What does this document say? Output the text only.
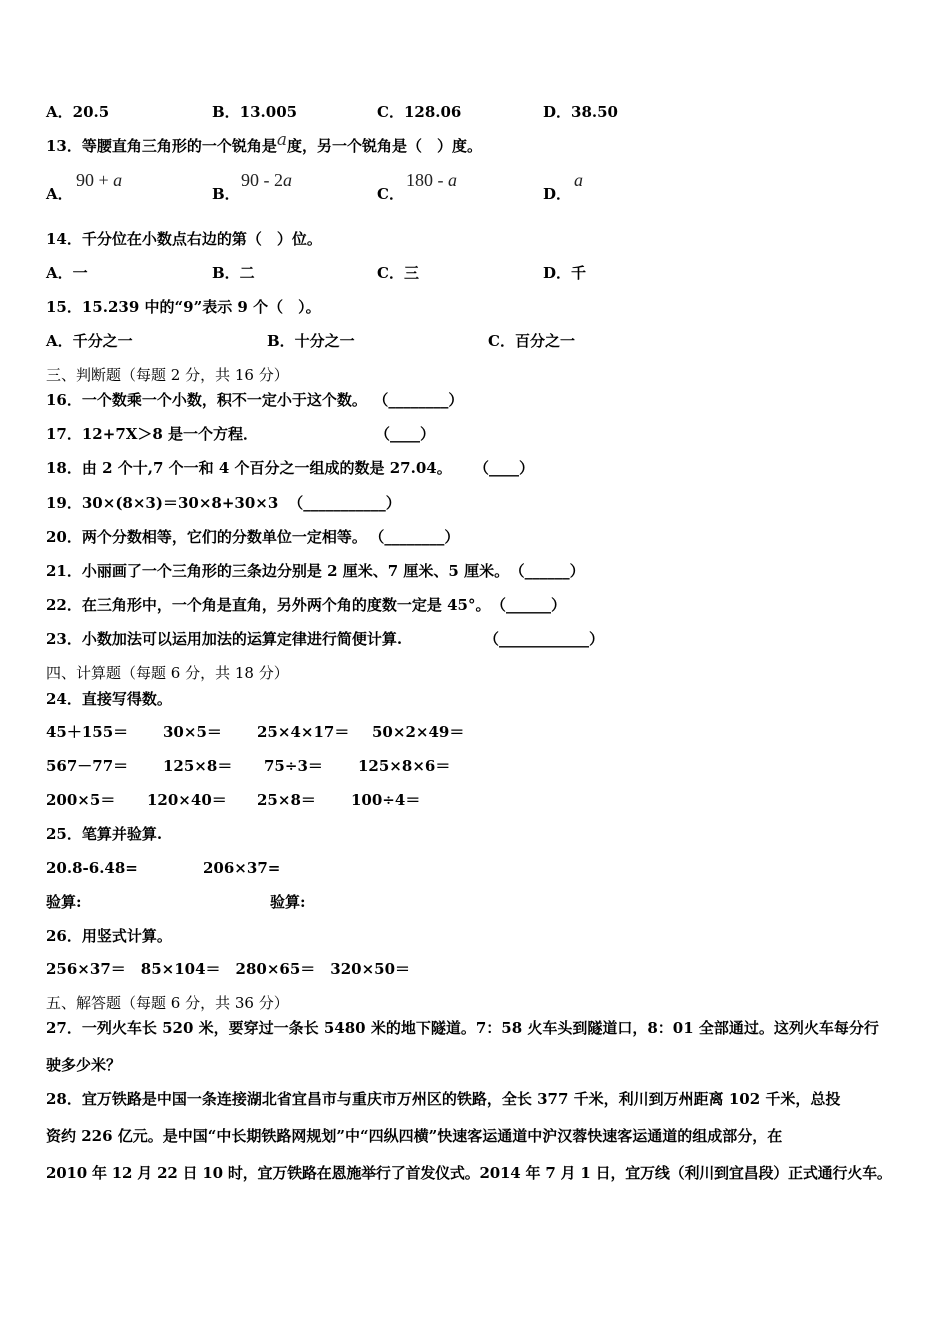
A．20.5	B．13.005	C．128.06	D．38.50
13．等腰直角三角形的一个锐角是a度，另一个锐角是（　）度。
A．
90 + a
B．
90 - 2a
C．
180 - a
D．
a
14．千分位在小数点右边的第（　）位。
A．一	B．二	C．三	D．千
15．15.239 中的“9”表示 9 个（　）。
A．千分之一	B．十分之一	C．百分之一
三、判断题（每题 2 分，共 16 分）
16．一个数乘一个小数，积不一定小于这个数。 （________）
17．12+7X＞8 是一个方程．	（____）
18．由 2 个十,7 个一和 4 个百分之一组成的数是 27.04。 （____）
19．30×(8×3)＝30×8+30×3 （___________）
20．两个分数相等，它们的分数单位一定相等。 （________）
21．小丽画了一个三角形的三条边分别是 2 厘米、7 厘米、5 厘米。 （______）
22．在三角形中，一个角是直角，另外两个角的度数一定是 45°。 （______）
23．小数加法可以运用加法的运算定律进行简便计算.	（____________）
四、计算题（每题 6 分，共 18 分）
24．直接写得数。
45＋155＝ 30×5＝ 25×4×17＝ 50×2×49＝
567－77＝ 125×8＝ 75÷3＝ 125×8×6＝
200×5＝ 120×40＝ 25×8＝ 100÷4＝
25．笔算并验算.
20.8-6.48=	206×37=
验算:	验算:
26．用竖式计算。
256×37＝　85×104＝　280×65＝　320×50＝
五、解答题（每题 6 分，共 36 分）
27．一列火车长 520 米，要穿过一条长 5480 米的地下隧道。7：58 火车头到隧道口，8：01 全部通过。这列火车每分行
驶多少米？
28．宜万铁路是中国一条连接湖北省宜昌市与重庆市万州区的铁路，全长 377 千米，利川到万州距离 102 千米，总投
资约 226 亿元。是中国“中长期铁路网规划”中“四纵四横”快速客运通道中沪汉蓉快速客运通道的组成部分，在
2010 年 12 月 22 日 10 时，宜万铁路在恩施举行了首发仪式。2014 年 7 月 1 日，宜万线（利川到宜昌段）正式通行火车。
